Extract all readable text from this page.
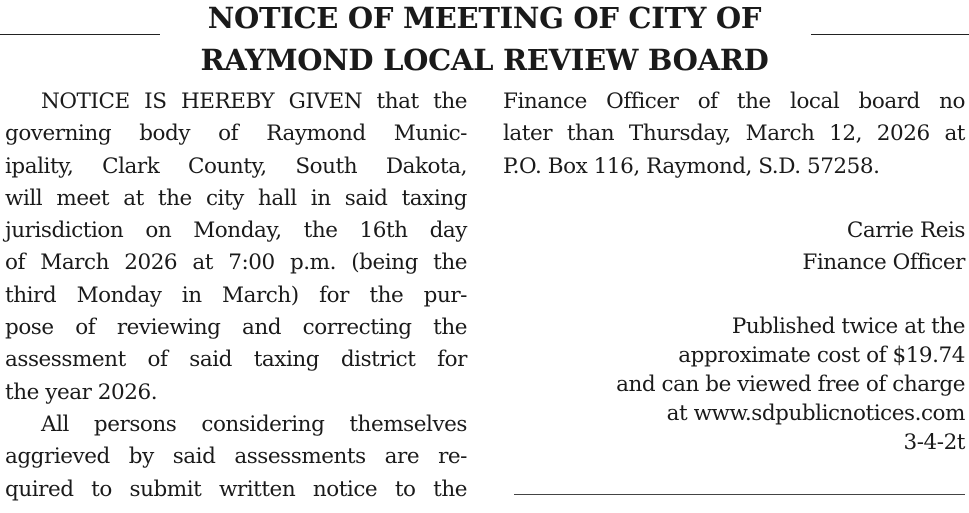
NOTICE OF MEETING OF CITY OF
RAYMOND LOCAL REVIEW BOARD
NOTICE IS HEREBY GIVEN that the
governing body of Raymond Munic-
ipality, Clark County, South Dakota,
will meet at the city hall in said taxing
jurisdiction on Monday, the 16th day
of March 2026 at 7:00 p.m. (being the
third Monday in March) for the pur-
pose of reviewing and correcting the
assessment of said taxing district for
the year 2026.
All persons considering themselves
aggrieved by said assessments are re-
quired to submit written notice to the
Finance Officer of the local board no
later than Thursday, March 12, 2026 at
P.O. Box 116, Raymond, S.D. 57258.
Carrie Reis
Finance Officer
Published twice at the
approximate cost of $19.74
and can be viewed free of charge
at www.sdpublicnotices.com
3-4-2t
